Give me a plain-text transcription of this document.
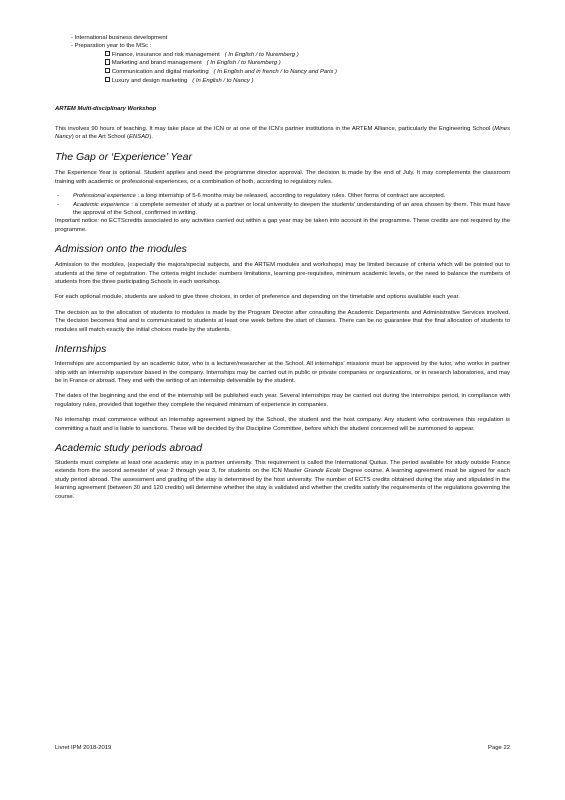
- International business development

- Preparation year to the MSc :

Finance, insurance and risk management ( In English / to Nuremberg )

Marketing and brand management ( In English / to Nuremberg )

Communication and digital marketing ( In English and in french / to Nancy and Paris )

Luxury and design marketing ( In English / to Nancy )

ARTEM Multi-disciplinary Workshop

This involves 90 hours of teaching. It may take place at the ICN or at one of the ICN’s partner institutions in the ARTEM Alliance, particularly the Engineering School (Mines Nancy) or at the Art School (ENSAD).

The Gap or ‘Experience’ Year

The Experience Year is optional. Student applies and need the programme director approval. The decision is made by the end of July. It may complements the classroom training with academic or professional experiences, or a combination of both, according to regulatory rules.

- Professional experience : a long internship of 5-6 months may be released, according to regulatory rules. Other forms of contract are accepted.
- Academic experience : a complete semester of study at a partner or local university to deepen the students’ understanding of an area chosen by them. This must have the approval of the School, confirmed in writing.

Important notice: no ECTScredits associated to any activities carried out within a gap year may be taken into account in the programme. These credits are not required by the programme.

Admission onto the modules

Admission to the modules, (especially the majors/special subjects, and the ARTEM modules and workshops) may be limited because of criteria which will be pointed out to students at the time of registration. The criteria might include: numbers limitations, learning pre-requisites, minimum academic levels, or the need to balance the numbers of students from the three participating Schools in each workshop.

For each optional module, students are asked to give three choices, in order of preference and depending on the timetable and options available each year.

The decision as to the allocation of students to modules is made by the Program Director after consulting the Academic Departments and Administrative Services involved. The decision becomes final and is communicated to students at least one week before the start of classes. There can be no guarantee that the final allocation of students to modules will match exactly the initial choices made by the students.

Internships

Internships are accompanied by an academic tutor, who is a lecturer/researcher at the School. All internships’ missions must be approved by the tutor, who works in partner ship with an internship supervisor based in the company. Internships may be carried out in public or private companies or organizations, or in research laboratories, and may be in France or abroad. They end with the writing of an internship deliverable by the student.

The dates of the beginning and the end of the internship will be published each year. Several internships may be carried out during the internships period, in compliance with regulatory rules, provided that together they complete the required minimum of experience in companies.

No internship must commence without an internship agreement signed by the School, the student and the host company. Any student who contravenes this regulation is committing a fault and is liable to sanctions. These will be decided by the Discipline Committee, before which the student concerned will be summoned to appear.

Academic study periods abroad

Students must complete at least one academic stay in a partner university. This requirement is called the International Quitus. The period available for study outside France extends from the second semester of year 2 through year 3, for students on the ICN Master Grande Ecole Degree course. A learning agreement must be signed for each study period abroad. The assessment and grading of the stay is determined by the host university. The number of ECTS credits obtained during the stay and stipulated in the learning agreement (between 30 and 120 credits) will determine whether the stay is validated and whether the credits satisfy the requirements of the regulations governing the course.

Livret IPM 2018-2019	Page 22
